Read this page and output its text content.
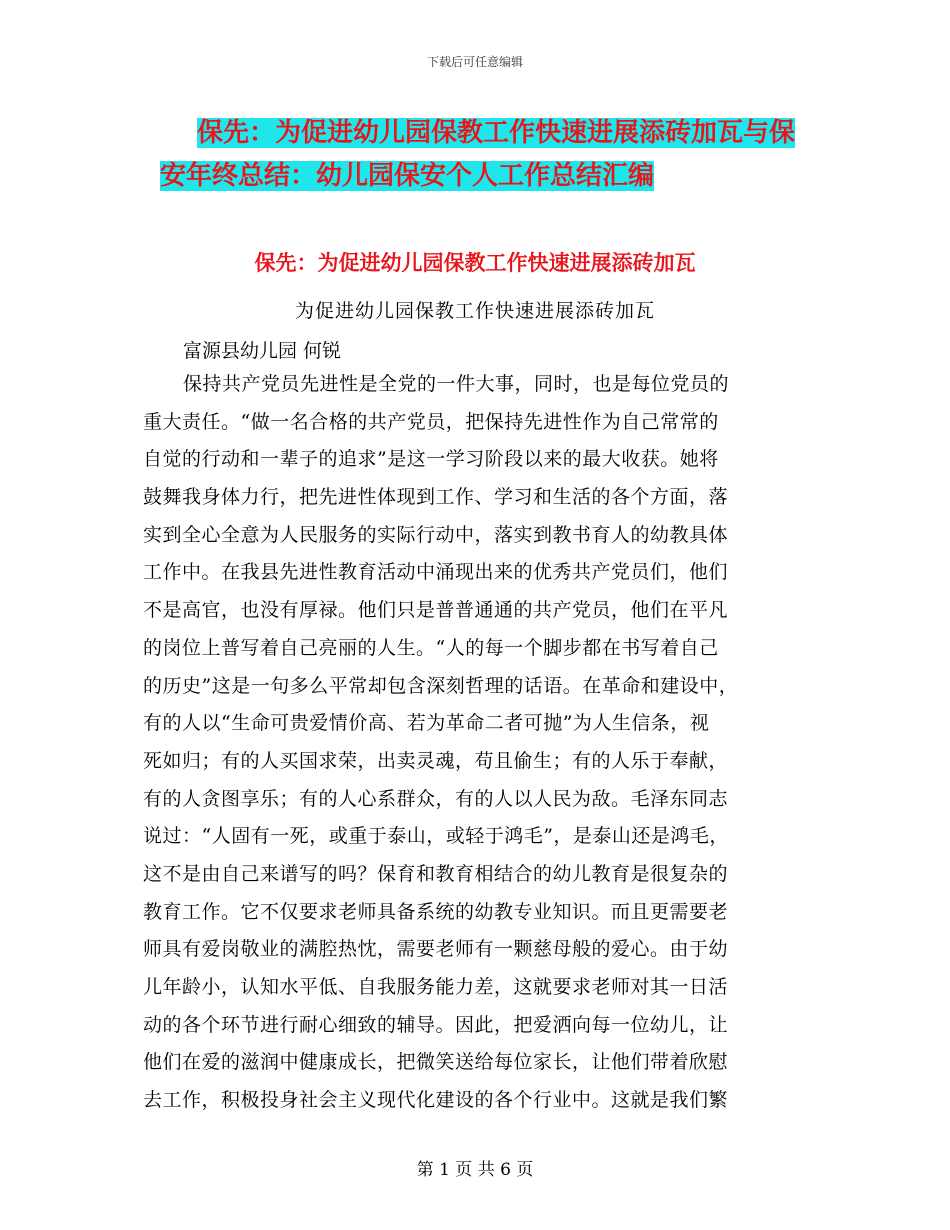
下载后可任意编辑
保先：为促进幼儿园保教工作快速进展添砖加瓦与保
安年终总结：幼儿园保安个人工作总结汇编
保先：为促进幼儿园保教工作快速进展添砖加瓦
为促进幼儿园保教工作快速进展添砖加瓦
富源县幼儿园 何锐
保持共产党员先进性是全党的一件大事，同时，也是每位党员的
重大责任。“做一名合格的共产党员，把保持先进性作为自己常常的
自觉的行动和一辈子的追求”是这一学习阶段以来的最大收获。她将
鼓舞我身体力行，把先进性体现到工作、学习和生活的各个方面，落
实到全心全意为人民服务的实际行动中，落实到教书育人的幼教具体
工作中。在我县先进性教育活动中涌现出来的优秀共产党员们，他们
不是高官，也没有厚禄。他们只是普普通通的共产党员，他们在平凡
的岗位上普写着自己亮丽的人生。“人的每一个脚步都在书写着自己
的历史”这是一句多么平常却包含深刻哲理的话语。在革命和建设中，
有的人以“生命可贵爱情价高、若为革命二者可抛”为人生信条，视
死如归；有的人买国求荣，出卖灵魂，苟且偷生；有的人乐于奉献，
有的人贪图享乐；有的人心系群众，有的人以人民为敌。毛泽东同志
说过：“人固有一死，或重于泰山，或轻于鸿毛”，是泰山还是鸿毛，
这不是由自己来谱写的吗？保育和教育相结合的幼儿教育是很复杂的
教育工作。它不仅要求老师具备系统的幼教专业知识。而且更需要老
师具有爱岗敬业的满腔热忱，需要老师有一颗慈母般的爱心。由于幼
儿年龄小，认知水平低、自我服务能力差，这就要求老师对其一日活
动的各个环节进行耐心细致的辅导。因此，把爱洒向每一位幼儿，让
他们在爱的滋润中健康成长，把微笑送给每位家长，让他们带着欣慰
去工作，积极投身社会主义现代化建设的各个行业中。这就是我们繁
第 1 页 共 6 页
